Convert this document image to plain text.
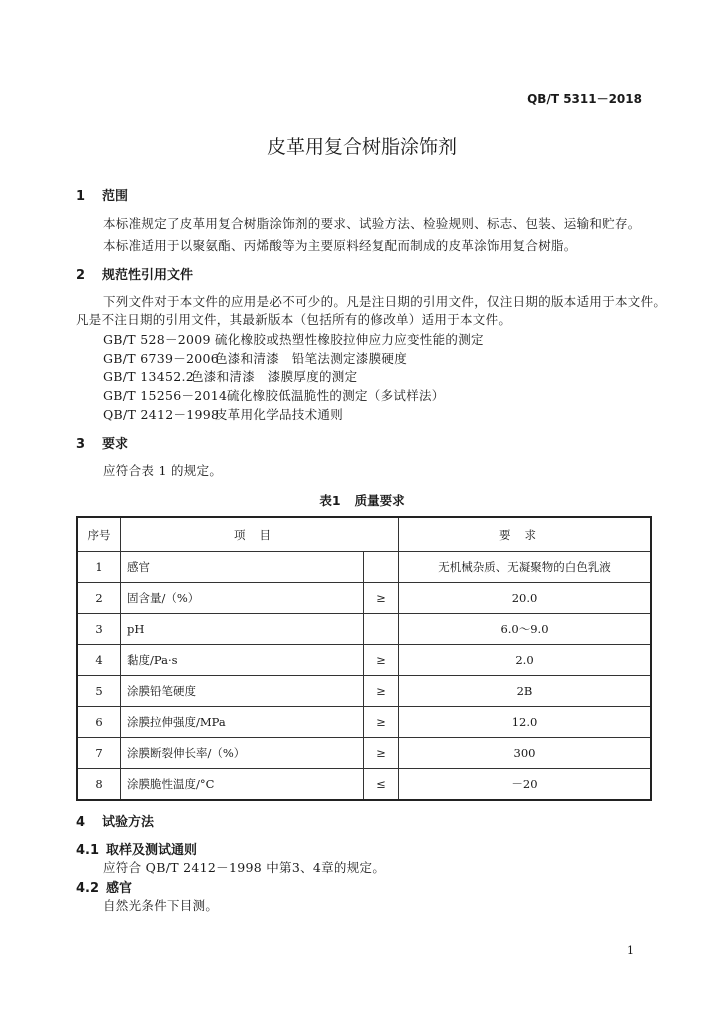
QB/T 5311－2018
皮革用复合树脂涂饰剂
1 范围
本标准规定了皮革用复合树脂涂饰剂的要求、试验方法、检验规则、标志、包装、运输和贮存。
本标准适用于以聚氨酯、丙烯酸等为主要原料经复配而制成的皮革涂饰用复合树脂。
2 规范性引用文件
下列文件对于本文件的应用是必不可少的。凡是注日期的引用文件，仅注日期的版本适用于本文件。
凡是不注日期的引用文件，其最新版本（包括所有的修改单）适用于本文件。
GB/T 528－2009 硫化橡胶或热塑性橡胶拉伸应力应变性能的测定
GB/T 6739－2006色漆和清漆　铅笔法测定漆膜硬度
GB/T 13452.2色漆和清漆　漆膜厚度的测定
GB/T 15256－2014硫化橡胶低温脆性的测定（多试样法）
QB/T 2412－1998皮革用化学品技术通则
3 要求
应符合表 1 的规定。
表1 质量要求
序号	项目		要求
1	感官		无机械杂质、无凝聚物的白色乳液
2	固含量/（%）	≥	20.0
3	pH		6.0～9.0
4	黏度/Pa·s	≥	2.0
5	涂膜铅笔硬度	≥	2B
6	涂膜拉伸强度/MPa	≥	12.0
7	涂膜断裂伸长率/（%）	≥	300
8	涂膜脆性温度/°C	≤	－20
4 试验方法
4.1 取样及测试通则
应符合 QB/T 2412－1998 中第3、4章的规定。
4.2 感官
自然光条件下目测。
1
